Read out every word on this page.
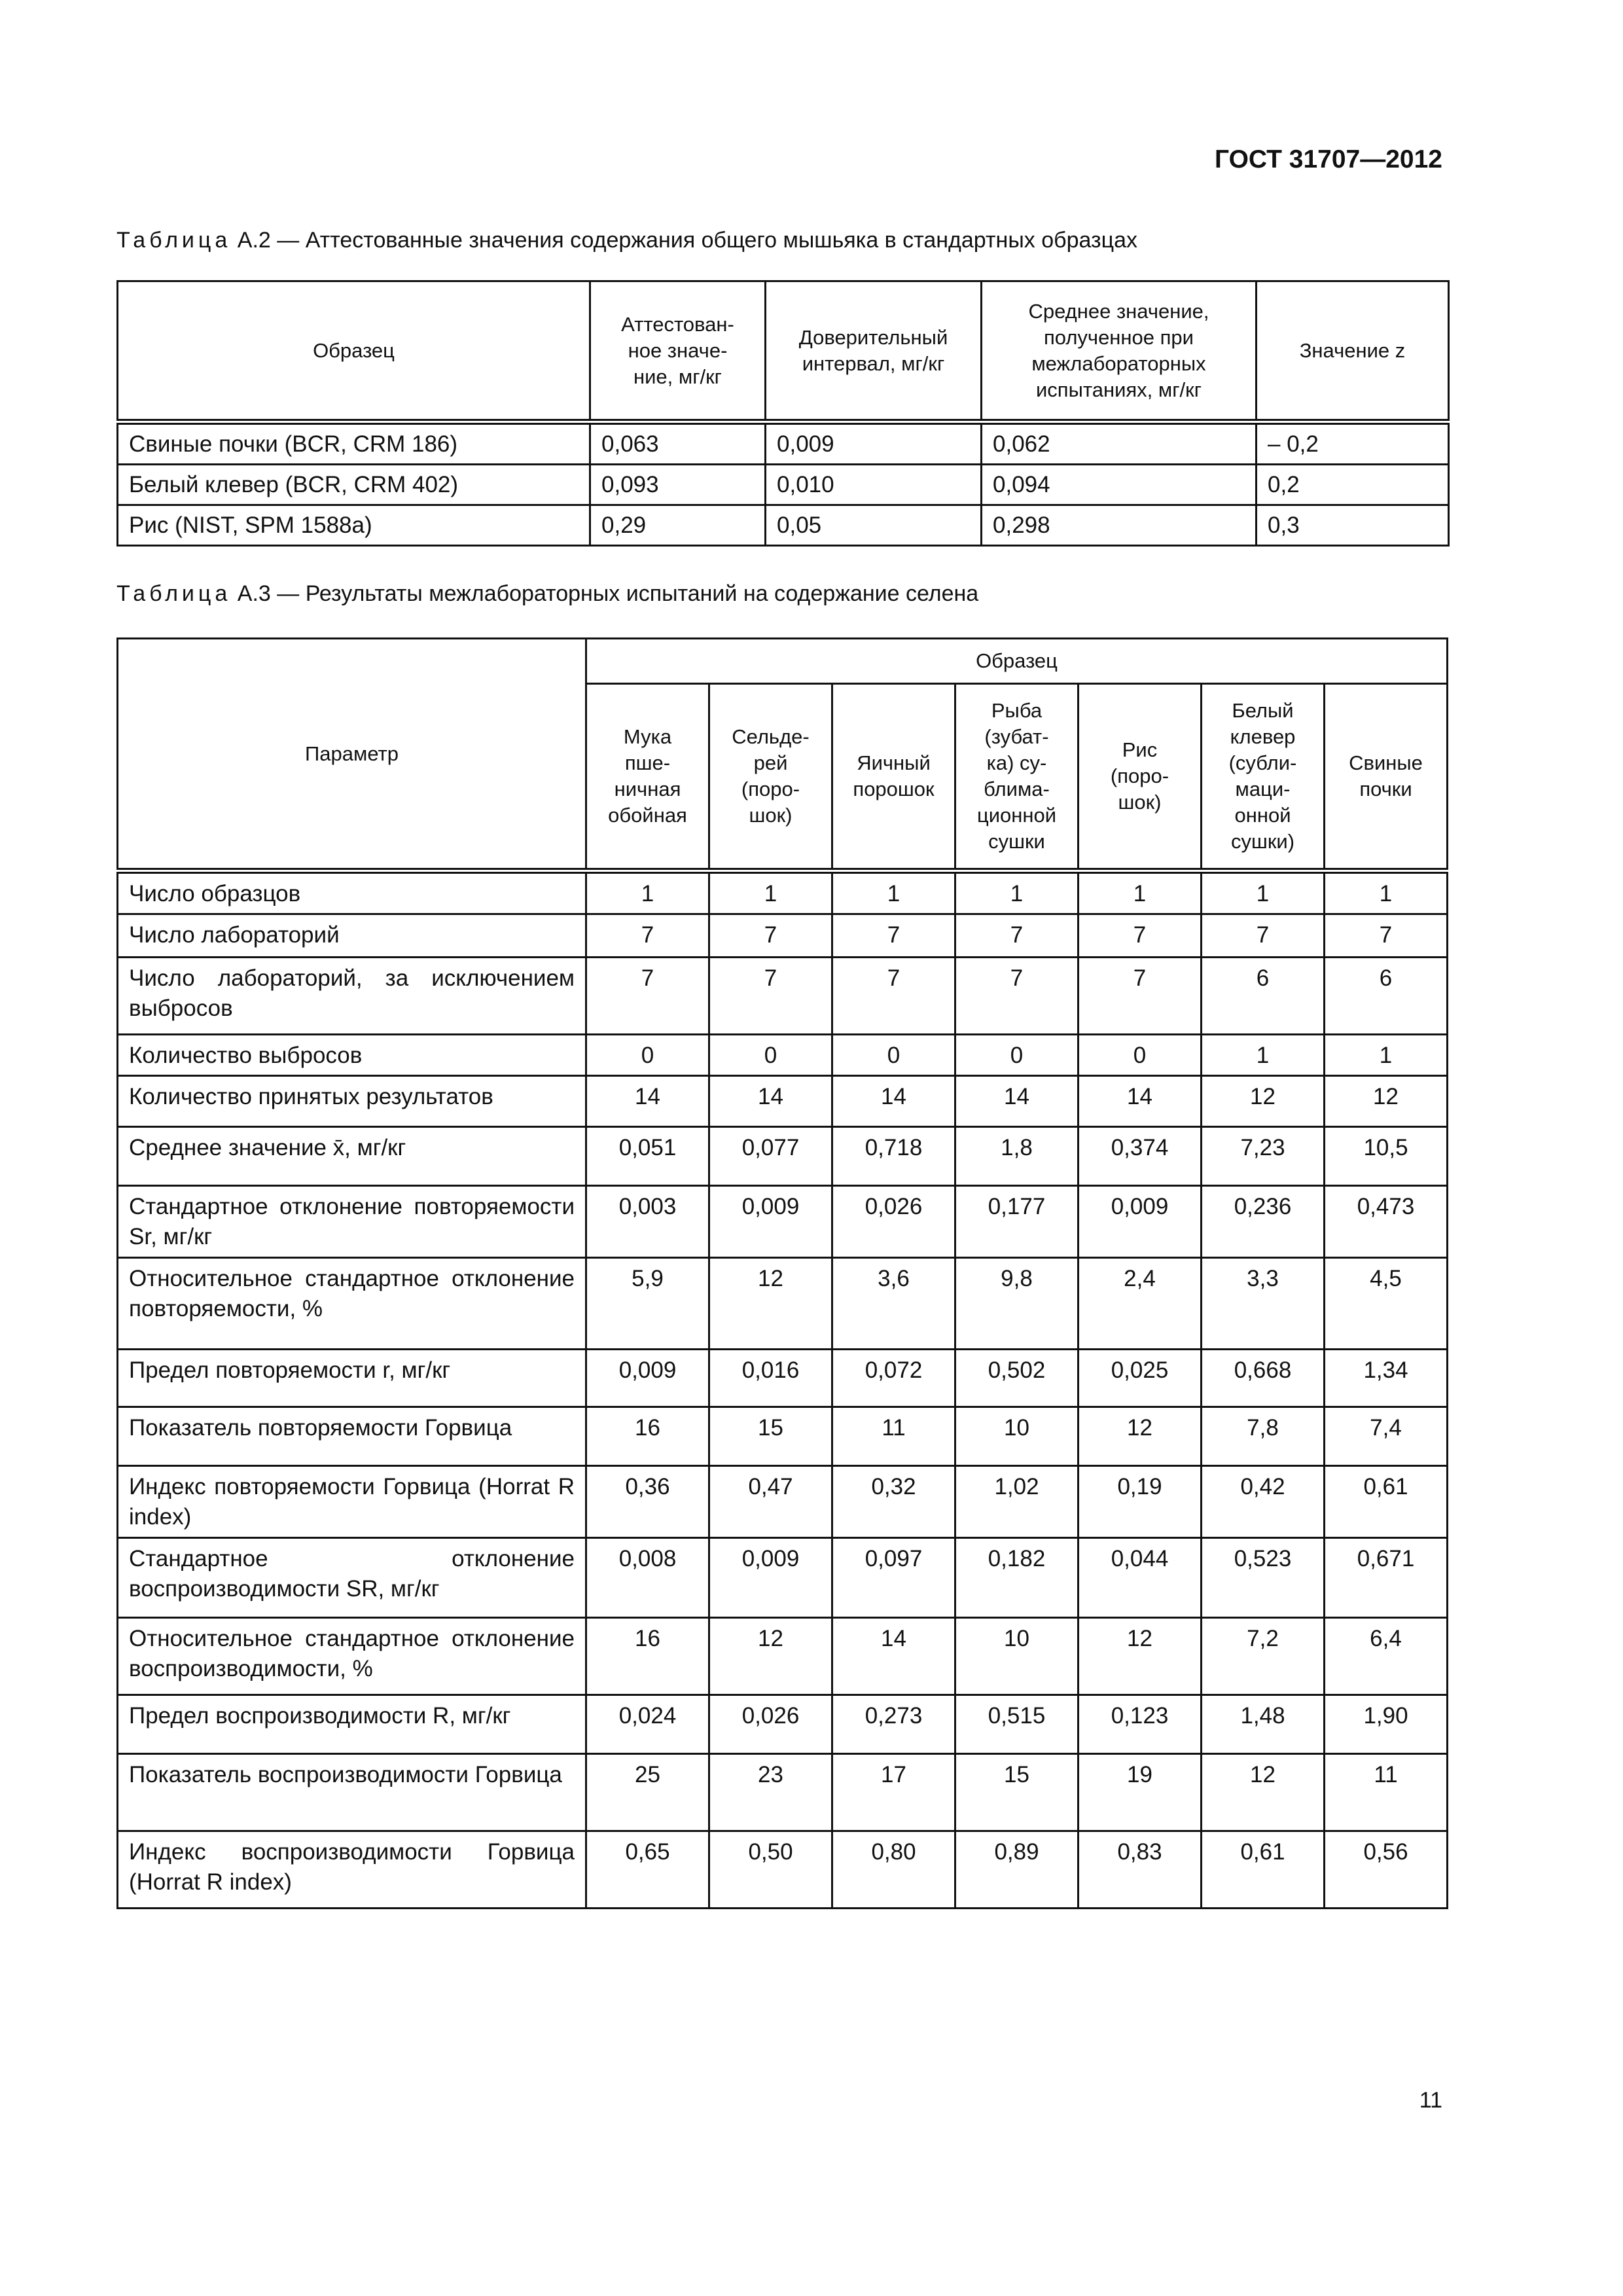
ГОСТ 31707—2012
Таблица А.2 — Аттестованные значения содержания общего мышьяка в стандартных образцах
Образец	Аттестован-ное значе-ние, мг/кг	Доверительный интервал, мг/кг	Среднее значение, полученное при межлабораторных испытаниях, мг/кг	Значение z
Свиные почки (BCR, CRM 186)	0,063	0,009	0,062	– 0,2
Белый клевер (BCR, CRM 402)	0,093	0,010	0,094	0,2
Рис (NIST, SPM 1588a)	0,29	0,05	0,298	0,3
Таблица А.3 — Результаты межлабораторных испытаний на содержание селена
Параметр	Образец						
	Мука пше-ничная обойная	Сельде-рей (поро-шок)	Яичный порошок	Рыба (зубат-ка) су-блима-ционной сушки	Рис (поро-шок)	Белый клевер (субли-маци-онной сушки)	Свиные почки
Число образцов	1	1	1	1	1	1	1
Число лабораторий	7	7	7	7	7	7	7
Число лабораторий, за исключением выбросов	7	7	7	7	7	6	6
Количество выбросов	0	0	0	0	0	1	1
Количество принятых результатов	14	14	14	14	14	12	12
Среднее значение x̄, мг/кг	0,051	0,077	0,718	1,8	0,374	7,23	10,5
Стандартное отклонение повторяемости Sr, мг/кг	0,003	0,009	0,026	0,177	0,009	0,236	0,473
Относительное стандартное отклонение повторяемости, %	5,9	12	3,6	9,8	2,4	3,3	4,5
Предел повторяемости r, мг/кг	0,009	0,016	0,072	0,502	0,025	0,668	1,34
Показатель повторяемости Горвица	16	15	11	10	12	7,8	7,4
Индекс повторяемости Горвица (Horrat R index)	0,36	0,47	0,32	1,02	0,19	0,42	0,61
Стандартное отклонение воспроизводимости SR, мг/кг	0,008	0,009	0,097	0,182	0,044	0,523	0,671
Относительное стандартное отклонение воспроизводимости, %	16	12	14	10	12	7,2	6,4
Предел воспроизводимости R, мг/кг	0,024	0,026	0,273	0,515	0,123	1,48	1,90
Показатель воспроизводимости Горвица	25	23	17	15	19	12	11
Индекс воспроизводимости Горвица (Horrat R index)	0,65	0,50	0,80	0,89	0,83	0,61	0,56
11
